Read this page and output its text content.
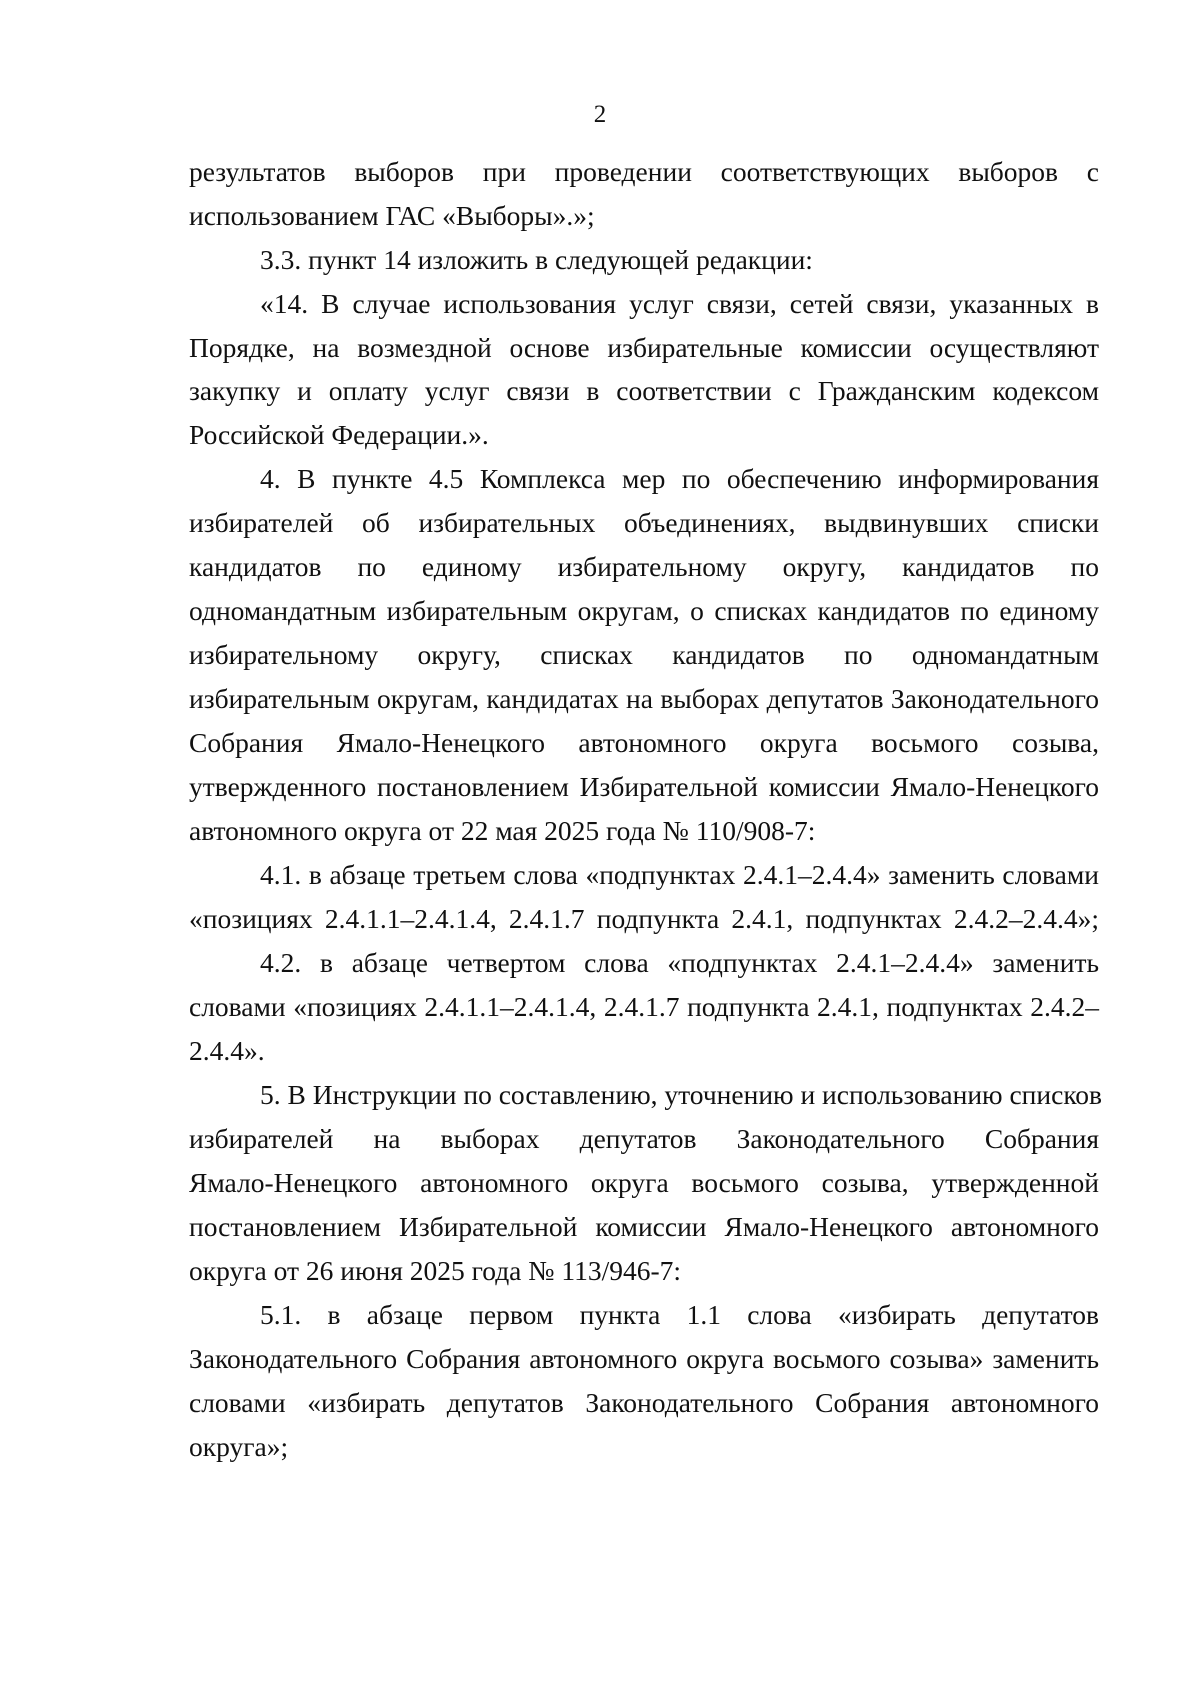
2
результатов выборов при проведении соответствующих выборов с
использованием ГАС «Выборы».»;
3.3. пункт 14 изложить в следующей редакции:
«14. В случае использования услуг связи, сетей связи, указанных в
Порядке, на возмездной основе избирательные комиссии осуществляют
закупку и оплату услуг связи в соответствии с Гражданским кодексом
Российской Федерации.».
4. В пункте 4.5 Комплекса мер по обеспечению информирования
избирателей об избирательных объединениях, выдвинувших списки
кандидатов по единому избирательному округу, кандидатов по
одномандатным избирательным округам, о списках кандидатов по единому
избирательному округу, списках кандидатов по одномандатным
избирательным округам, кандидатах на выборах депутатов Законодательного
Собрания Ямало-Ненецкого автономного округа восьмого созыва,
утвержденного постановлением Избирательной комиссии Ямало-Ненецкого
автономного округа от 22 мая 2025 года № 110/908-7:
4.1. в абзаце третьем слова «подпунктах 2.4.1–2.4.4» заменить словами
«позициях 2.4.1.1–2.4.1.4, 2.4.1.7 подпункта 2.4.1, подпунктах 2.4.2–2.4.4»;
4.2. в абзаце четвертом слова «подпунктах 2.4.1–2.4.4» заменить
словами «позициях 2.4.1.1–2.4.1.4, 2.4.1.7 подпункта 2.4.1, подпунктах 2.4.2–
2.4.4».
5. В Инструкции по составлению, уточнению и использованию списков
избирателей на выборах депутатов Законодательного Собрания
Ямало-Ненецкого автономного округа восьмого созыва, утвержденной
постановлением Избирательной комиссии Ямало-Ненецкого автономного
округа от 26 июня 2025 года № 113/946-7:
5.1. в абзаце первом пункта 1.1 слова «избирать депутатов
Законодательного Собрания автономного округа восьмого созыва» заменить
словами «избирать депутатов Законодательного Собрания автономного
округа»;
